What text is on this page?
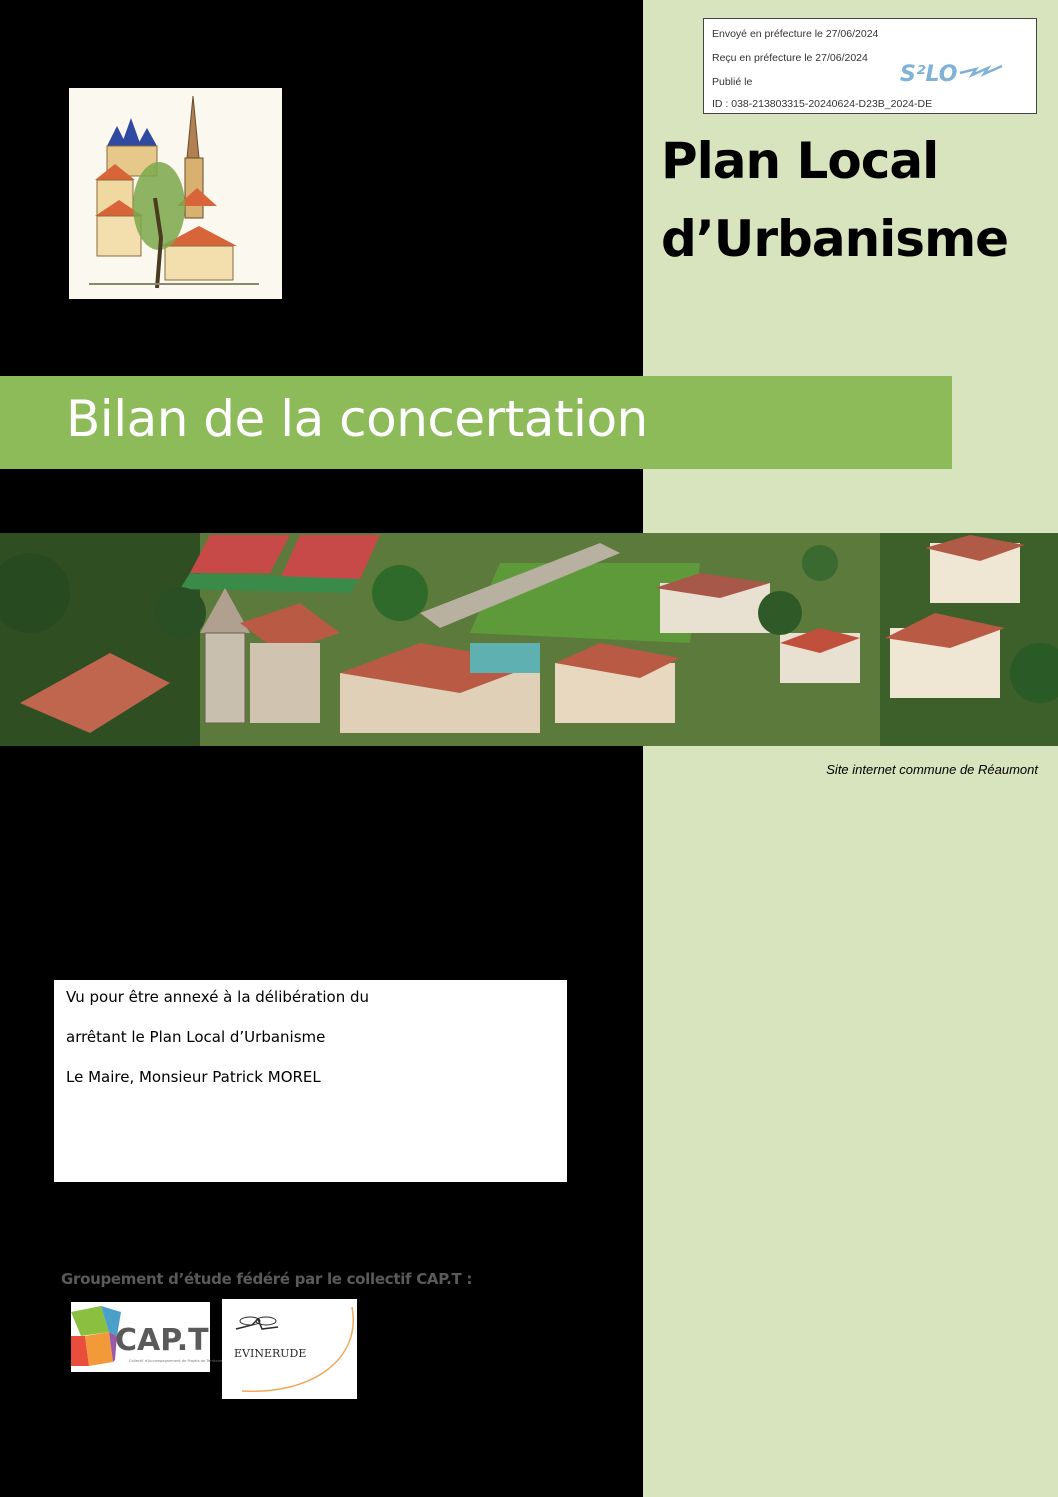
Envoyé en préfecture le 27/06/2024
Reçu en préfecture le 27/06/2024
Publié le
ID : 038-213803315-20240624-D23B_2024-DE
S²LO
Plan Local
d’Urbanisme
Bilan de la concertation
Site internet commune de Réaumont
Vu pour être annexé à la délibération du
arrêtant le Plan Local d’Urbanisme
Le Maire, Monsieur Patrick MOREL
Groupement d’étude fédéré par le collectif CAP.T :
CAP.T
Collectif d'Accompagnement de Projets de Territoire
EVINERUDE
